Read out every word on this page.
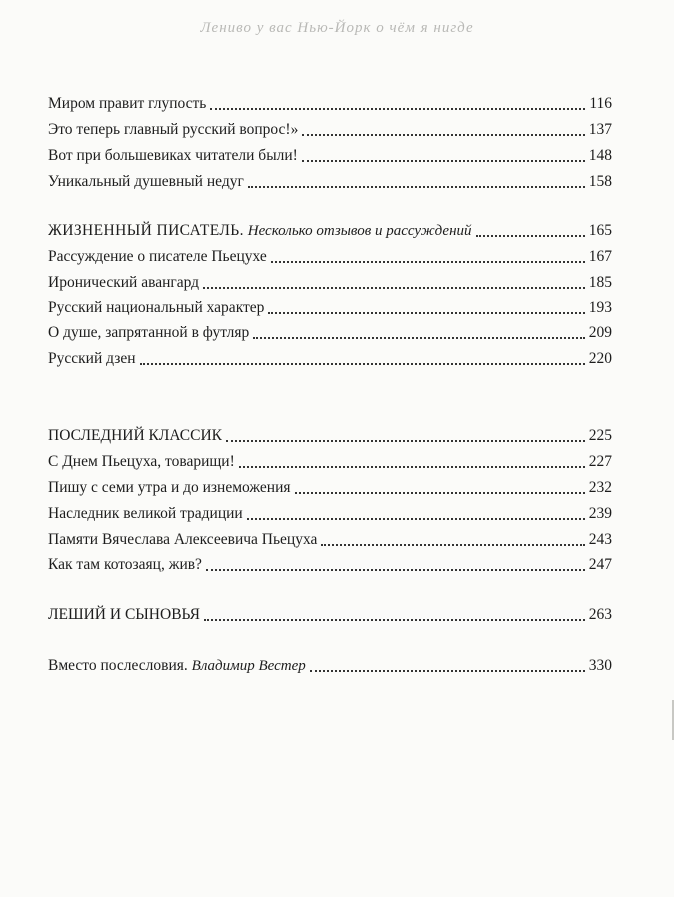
Лениво у вас Нью-Йорк о чём я нигде
Миром правит глупость	116
Это теперь главный русский вопрос!»	137
Вот при большевиках читатели были!	148
Уникальный душевный недуг	158
ЖИЗНЕННЫЙ ПИСАТЕЛЬ. Несколько отзывов и рассуждений	165
Рассуждение о писателе Пьецухе	167
Иронический авангард	185
Русский национальный характер	193
О душе, запрятанной в футляр	209
Русский дзен	220
ПОСЛЕДНИЙ КЛАССИК	225
С Днем Пьецуха, товарищи!	227
Пишу с семи утра и до изнеможения	232
Наследник великой традиции	239
Памяти Вячеслава Алексеевича Пьецуха	243
Как там котозаяц, жив?	247
ЛЕШИЙ И СЫНОВЬЯ	263
Вместо послесловия. Владимир Вестер	330
